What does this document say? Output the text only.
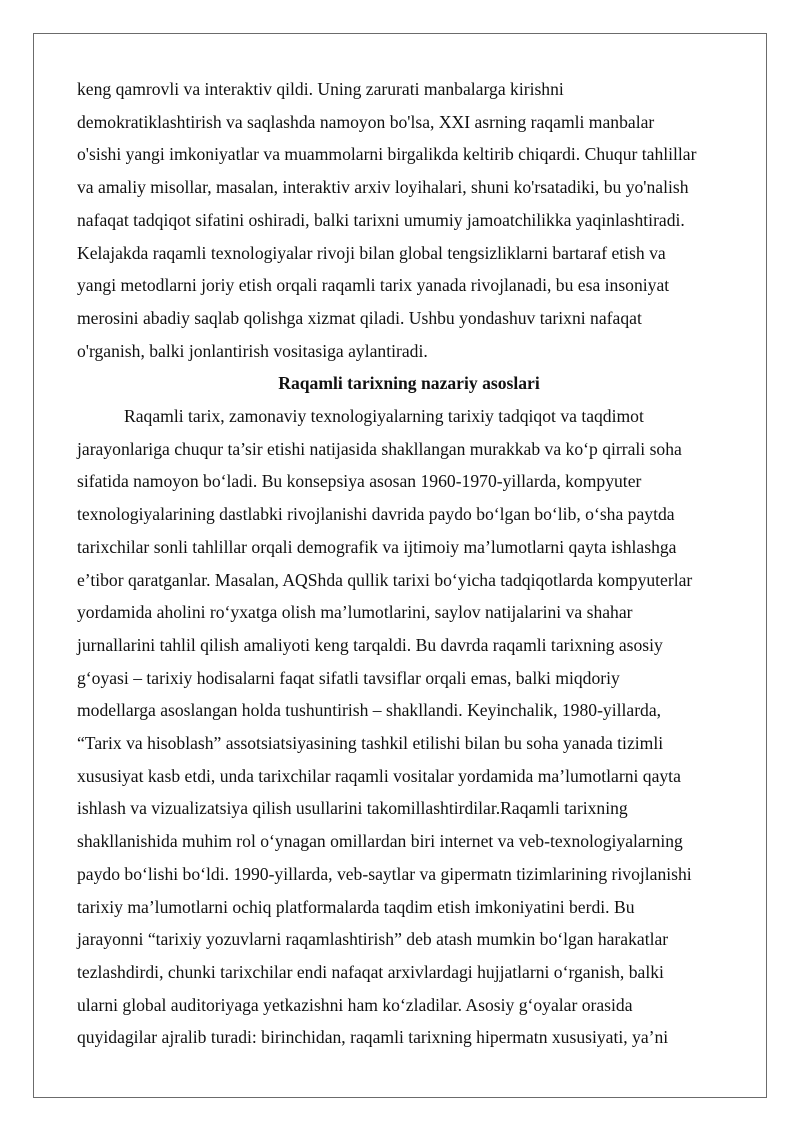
keng qamrovli va interaktiv qildi. Uning zarurati manbalarga kirishni
demokratiklashtirish va saqlashda namoyon bo'lsa, XXI asrning raqamli manbalar
o'sishi yangi imkoniyatlar va muammolarni birgalikda keltirib chiqardi. Chuqur tahlillar
va amaliy misollar, masalan, interaktiv arxiv loyihalari, shuni ko'rsatadiki, bu yo'nalish
nafaqat tadqiqot sifatini oshiradi, balki tarixni umumiy jamoatchilikka yaqinlashtiradi.
Kelajakda raqamli texnologiyalar rivoji bilan global tengsizliklarni bartaraf etish va
yangi metodlarni joriy etish orqali raqamli tarix yanada rivojlanadi, bu esa insoniyat
merosini abadiy saqlab qolishga xizmat qiladi. Ushbu yondashuv tarixni nafaqat
o'rganish, balki jonlantirish vositasiga aylantiradi.

Raqamli tarixning nazariy asoslari

Raqamli tarix, zamonaviy texnologiyalarning tarixiy tadqiqot va taqdimot
jarayonlariga chuqur ta’sir etishi natijasida shakllangan murakkab va ko‘p qirrali soha
sifatida namoyon bo‘ladi. Bu konsepsiya asosan 1960-1970-yillarda, kompyuter
texnologiyalarining dastlabki rivojlanishi davrida paydo bo‘lgan bo‘lib, o‘sha paytda
tarixchilar sonli tahlillar orqali demografik va ijtimoiy ma’lumotlarni qayta ishlashga
e’tibor qaratganlar. Masalan, AQShda qullik tarixi bo‘yicha tadqiqotlarda kompyuterlar
yordamida aholini ro‘yxatga olish ma’lumotlarini, saylov natijalarini va shahar
jurnallarini tahlil qilish amaliyoti keng tarqaldi. Bu davrda raqamli tarixning asosiy
g‘oyasi – tarixiy hodisalarni faqat sifatli tavsiflar orqali emas, balki miqdoriy
modellarga asoslangan holda tushuntirish – shakllandi. Keyinchalik, 1980-yillarda,
“Tarix va hisoblash” assotsiatsiyasining tashkil etilishi bilan bu soha yanada tizimli
xususiyat kasb etdi, unda tarixchilar raqamli vositalar yordamida ma’lumotlarni qayta
ishlash va vizualizatsiya qilish usullarini takomillashtirdilar.Raqamli tarixning
shakllanishida muhim rol o‘ynagan omillardan biri internet va veb-texnologiyalarning
paydo bo‘lishi bo‘ldi. 1990-yillarda, veb-saytlar va gipermatn tizimlarining rivojlanishi
tarixiy ma’lumotlarni ochiq platformalarda taqdim etish imkoniyatini berdi. Bu
jarayonni “tarixiy yozuvlarni raqamlashtirish” deb atash mumkin bo‘lgan harakatlar
tezlashdirdi, chunki tarixchilar endi nafaqat arxivlardagi hujjatlarni o‘rganish, balki
ularni global auditoriyaga yetkazishni ham ko‘zladilar. Asosiy g‘oyalar orasida
quyidagilar ajralib turadi: birinchidan, raqamli tarixning hipermatn xususiyati, ya’ni
